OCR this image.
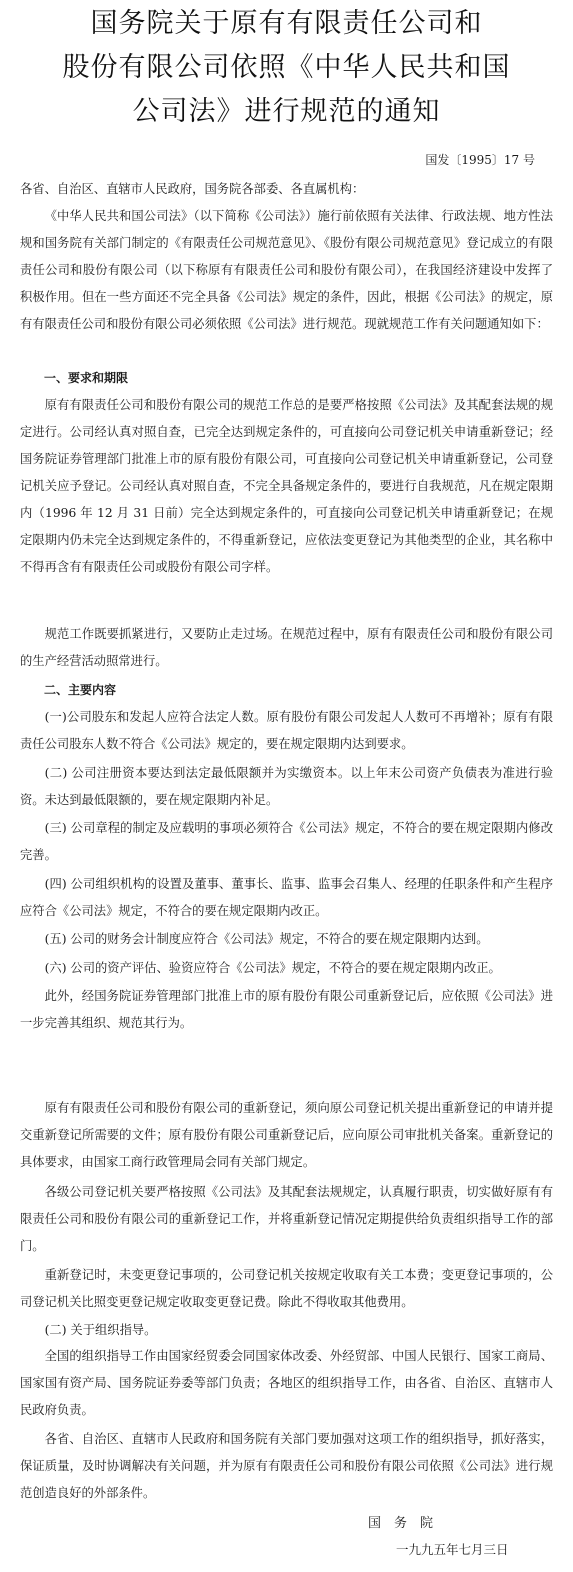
国务院关于原有有限责任公司和
股份有限公司依照《中华人民共和国
公司法》进行规范的通知
国发〔1995〕17 号

各省、自治区、直辖市人民政府，国务院各部委、各直属机构：

《中华人民共和国公司法》（以下简称《公司法》）施行前依照有关法律、行政法规、地方性法规和国务院有关部门制定的《有限责任公司规范意见》、《股份有限公司规范意见》登记成立的有限责任公司和股份有限公司（以下称原有有限责任公司和股份有限公司），在我国经济建设中发挥了积极作用。但在一些方面还不完全具备《公司法》规定的条件，因此，根据《公司法》的规定，原有有限责任公司和股份有限公司必须依照《公司法》进行规范。现就规范工作有关问题通知如下：

一、要求和期限

原有有限责任公司和股份有限公司的规范工作总的是要严格按照《公司法》及其配套法规的规定进行。公司经认真对照自查，已完全达到规定条件的，可直接向公司登记机关申请重新登记；经国务院证券管理部门批准上市的原有股份有限公司，可直接向公司登记机关申请重新登记，公司登记机关应予登记。公司经认真对照自查，不完全具备规定条件的，要进行自我规范，凡在规定限期内（1996 年 12 月 31 日前）完全达到规定条件的，可直接向公司登记机关申请重新登记；在规定限期内仍未完全达到规定条件的，不得重新登记，应依法变更登记为其他类型的企业，其名称中不得再含有有限责任公司或股份有限公司字样。

规范工作既要抓紧进行，又要防止走过场。在规范过程中，原有有限责任公司和股份有限公司的生产经营活动照常进行。

二、主要内容

(一)公司股东和发起人应符合法定人数。原有股份有限公司发起人人数可不再增补；原有有限责任公司股东人数不符合《公司法》规定的，要在规定限期内达到要求。

(二) 公司注册资本要达到法定最低限额并为实缴资本。以上年末公司资产负债表为准进行验资。未达到最低限额的，要在规定限期内补足。

(三) 公司章程的制定及应载明的事项必须符合《公司法》规定，不符合的要在规定限期内修改完善。

(四) 公司组织机构的设置及董事、董事长、监事、监事会召集人、经理的任职条件和产生程序应符合《公司法》规定，不符合的要在规定限期内改正。

(五) 公司的财务会计制度应符合《公司法》规定，不符合的要在规定限期内达到。

(六) 公司的资产评估、验资应符合《公司法》规定，不符合的要在规定限期内改正。

此外，经国务院证券管理部门批准上市的原有股份有限公司重新登记后，应依照《公司法》进一步完善其组织、规范其行为。

原有有限责任公司和股份有限公司的重新登记，须向原公司登记机关提出重新登记的申请并提交重新登记所需要的文件；原有股份有限公司重新登记后，应向原公司审批机关备案。重新登记的具体要求，由国家工商行政管理局会同有关部门规定。

各级公司登记机关要严格按照《公司法》及其配套法规规定，认真履行职责，切实做好原有有限责任公司和股份有限公司的重新登记工作，并将重新登记情况定期提供给负责组织指导工作的部门。

重新登记时，未变更登记事项的，公司登记机关按规定收取有关工本费；变更登记事项的，公司登记机关比照变更登记规定收取变更登记费。除此不得收取其他费用。

(二) 关于组织指导。

全国的组织指导工作由国家经贸委会同国家体改委、外经贸部、中国人民银行、国家工商局、国家国有资产局、国务院证券委等部门负责；各地区的组织指导工作，由各省、自治区、直辖市人民政府负责。

各省、自治区、直辖市人民政府和国务院有关部门要加强对这项工作的组织指导，抓好落实，保证质量，及时协调解决有关问题，并为原有有限责任公司和股份有限公司依照《公司法》进行规范创造良好的外部条件。

国　务　院
一九九五年七月三日
